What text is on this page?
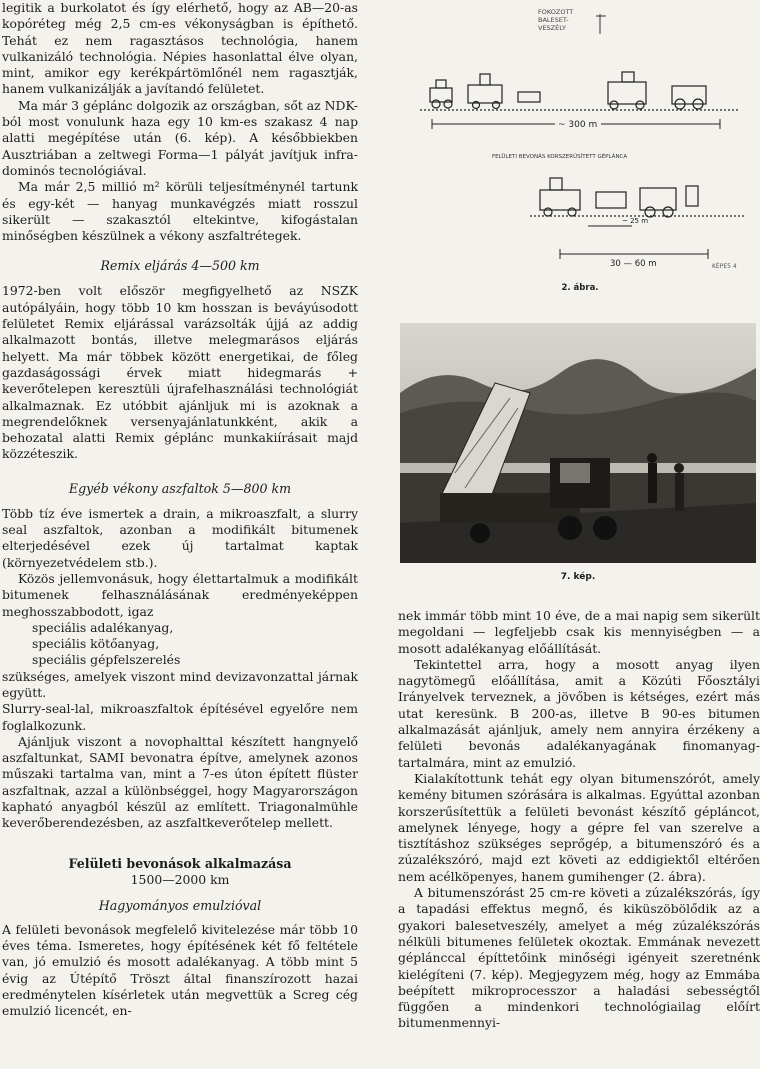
legitik a burkolatot és így elérhető, hogy az AB—20-as kopóréteg még 2,5 cm-es vékonyságban is építhető. Tehát ez nem ragasztásos technológia, hanem vulkanizáló technológia. Népies hasonlattal élve olyan, mint, amikor egy kerékpártömlőnél nem ragasztják, hanem vulkanizálják a javítandó felületet.

Ma már 3 géplánc dolgozik az országban, sőt az NDK-ból most vonulunk haza egy 10 km-es szakasz 4 nap alatti megépítése után (6. kép). A későbbiekben Ausztriában a zeltwegi Forma—1 pályát javítjuk infra-dominós tecnológiával.

Ma már 2,5 millió m² körüli teljesítménynél tartunk és egy-két — hanyag munkavégzés miatt rosszul sikerült — szakasztól eltekintve, kifogástalan minőségben készülnek a vékony aszfaltrétegek.

Remix eljárás 4—500 km

1972-ben volt először megfigyelhető az NSZK autópályáin, hogy több 10 km hosszan is beváyúsodott felületet Remix eljárással varázsolták újjá az addig alkalmazott bontás, illetve melegmarásos eljárás helyett. Ma már többek között energetikai, de főleg gazdaságossági érvek miatt hidegmarás + keverőtelepen keresztüli újrafelhasználási technológiát alkalmaznak. Ez utóbbit ajánljuk mi is azoknak a megrendelőknek versenyajánlatunkként, akik a behozatal alatti Remix géplánc munkakiírásait majd közzéteszik.

Egyéb vékony aszfaltok 5—800 km

Több tíz éve ismertek a drain, a mikroaszfalt, a slurry seal aszfaltok, azonban a modifikált bitumenek elterjedésével ezek új tartalmat kaptak (környezetvédelem stb.).

Közös jellemvonásuk, hogy élettartalmuk a modifikált bitumenek felhasználásának eredményeképpen meghosszabbodott, igaz

speciális adalékanyag,

speciális kötőanyag,

speciális gépfelszerelés

szükséges, amelyek viszont mind devizavonzattal járnak együtt.

Slurry-seal-lal, mikroaszfaltok építésével egyelőre nem foglalkozunk.

Ajánljuk viszont a novophalttal készített hangnyelő aszfaltunkat, SAMI bevonatra építve, amelynek azonos műszaki tartalma van, mint a 7-es úton épített flüster aszfaltnak, azzal a különbséggel, hogy Magyarországon kapható anyagból készül az említett. Triagonalmühle keverőberendezésben, az aszfaltkeverőtelep mellett.

Felületi bevonások alkalmazása

1500—2000 km

Hagyományos emulzióval

A felületi bevonások megfelelő kivitelezése már több 10 éves téma. Ismeretes, hogy építésének két fő feltétele van, jó emulzió és mosott adalékanyag. A több mint 5 évig az Útépítő Tröszt által finanszírozott hazai eredménytelen kísérletek után megvettük a Screg cég emulzió licencét, en-

FOKOZOTT
BALESET-
VESZÉLY
~ 300 m
FELÜLETI BEVONÁS KORSZERŰSÍTETT GÉPLÁNCA
~ 25 m
30 — 60 m	KÉPE5 4
2. ábra.

7. kép.

nek immár több mint 10 éve, de a mai napig sem sikerült megoldani — legfeljebb csak kis mennyiségben — a mosott adalékanyag előállítását.

Tekintettel arra, hogy a mosott anyag ilyen nagytömegű előállítása, amit a Közúti Főosztályi Irányelvek terveznek, a jövőben is kétséges, ezért más utat keresünk. B 200-as, illetve B 90-es bitumen alkalmazását ajánljuk, amely nem annyira érzékeny a felületi bevonás adalékanyagának finomanyag-tartalmára, mint az emulzió.

Kialakítottunk tehát egy olyan bitumenszórót, amely kemény bitumen szórására is alkalmas. Egyúttal azonban korszerűsítettük a felületi bevonást készítő gépláncot, amelynek lényege, hogy a gépre fel van szerelve a tisztításhoz szükséges seprőgép, a bitumenszóró és a zúzalékszóró, majd ezt követi az eddigiektől eltérően nem acélköpenyes, hanem gumihenger (2. ábra).

A bitumenszórást 25 cm-re követi a zúzalékszórás, így a tapadási effektus megnő, és kiküszöbölődik az a gyakori balesetveszély, amelyet a még zúzalékszórás nélküli bitumenes felületek okoztak. Emmának nevezett géplánccal építtetőink minőségi igényeit szeretnénk kielégíteni (7. kép). Megjegyzem még, hogy az Emmába beépített mikroprocesszor a haladási sebességtől függően a mindenkori technológiailag előírt bitumenmennyi-
